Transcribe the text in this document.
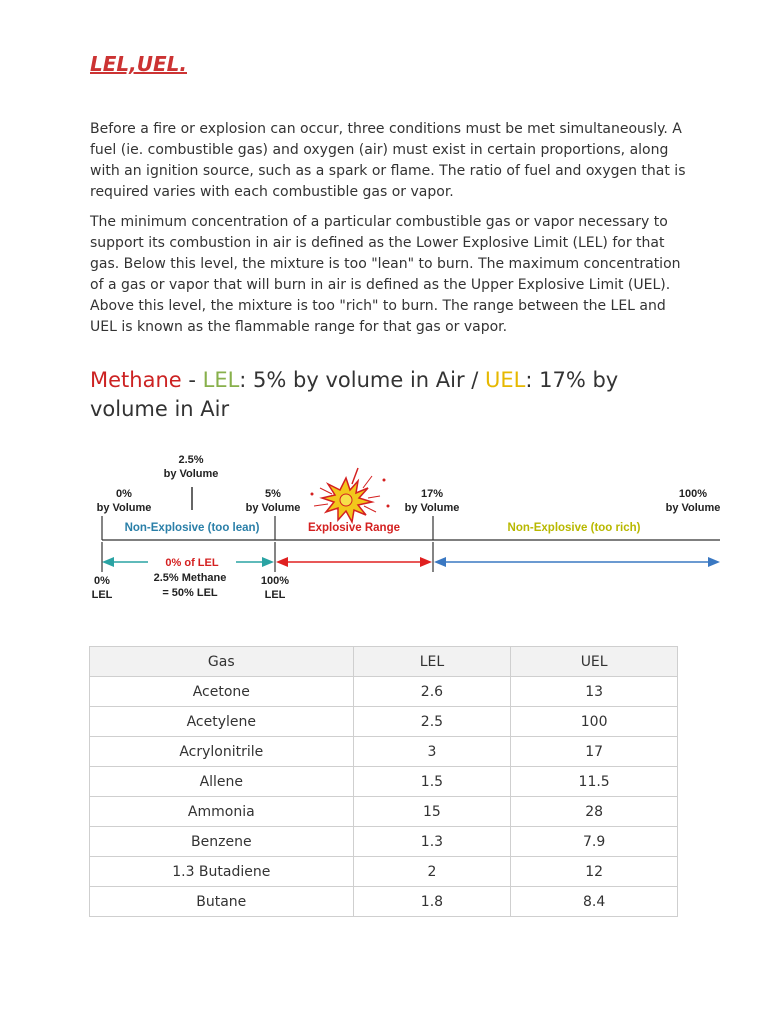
LEL,UEL.

Before a fire or explosion can occur, three conditions must be met simultaneously. A fuel (ie. combustible gas) and oxygen (air) must exist in certain proportions, along with an ignition source, such as a spark or flame. The ratio of fuel and oxygen that is required varies with each combustible gas or vapor.

The minimum concentration of a particular combustible gas or vapor necessary to support its combustion in air is defined as the Lower Explosive Limit (LEL) for that gas. Below this level, the mixture is too "lean" to burn. The maximum concentration of a gas or vapor that will burn in air is defined as the Upper Explosive Limit (UEL). Above this level, the mixture is too "rich" to burn. The range between the LEL and UEL is known as the flammable range for that gas or vapor.

Methane - LEL: 5% by volume in Air / UEL: 17% by volume in Air
2.5%
by Volume
0%
by Volume
5%
by Volume
17%
by Volume
100%
by Volume
Non-Explosive (too lean)	Explosive Range	Non-Explosive (too rich)
0% of LEL
0%
LEL
2.5% Methane
= 50% LEL
100%
LEL
Gas	LEL	UEL
Acetone	2.6	13
Acetylene	2.5	100
Acrylonitrile	3	17
Allene	1.5	11.5
Ammonia	15	28
Benzene	1.3	7.9
1.3 Butadiene	2	12
Butane	1.8	8.4
